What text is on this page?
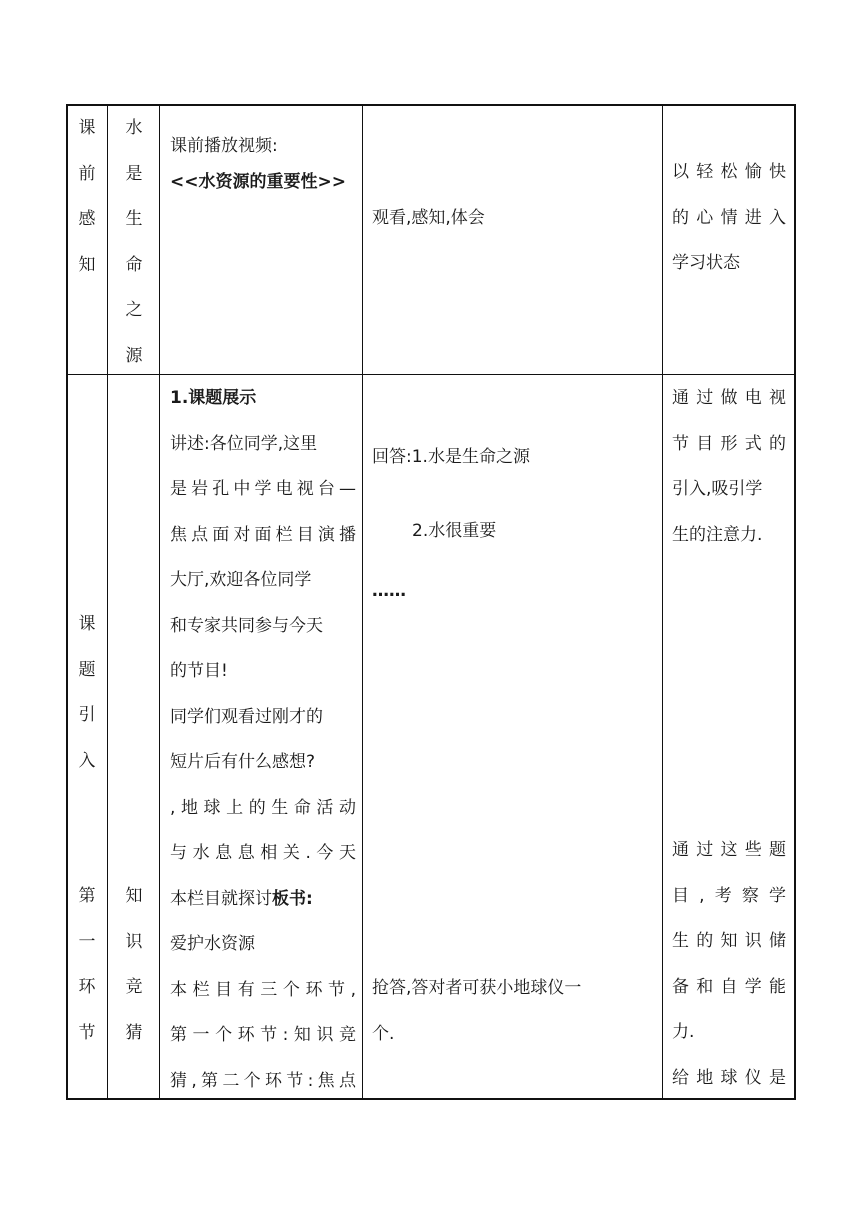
课
前
感
知
水
是
生
命
之
源
课前播放视频:
<<水资源的重要性>>
观看,感知,体会
以轻松愉快
的心情进入
学习状态
课
题
引
入
第
一
环
节
知
识
竞
猜
1.课题展示
讲述:各位同学,这里
是岩孔中学电视台—
焦点面对面栏目演播
大厅,欢迎各位同学
和专家共同参与今天
的节目!
同学们观看过刚才的
短片后有什么感想?
,地球上的生命活动
与水息息相关.今天
本栏目就探讨板书:
爱护水资源
本栏目有三个环节,
第一个环节:知识竞
猜,第二个环节:焦点
回答:1.水是生命之源
2.水很重要
……
抢答,答对者可获小地球仪一
个.
通过做电视
节目形式的
引入,吸引学
生的注意力.
通过这些题
目,考察学
生的知识储
备和自学能
力.
给地球仪是
